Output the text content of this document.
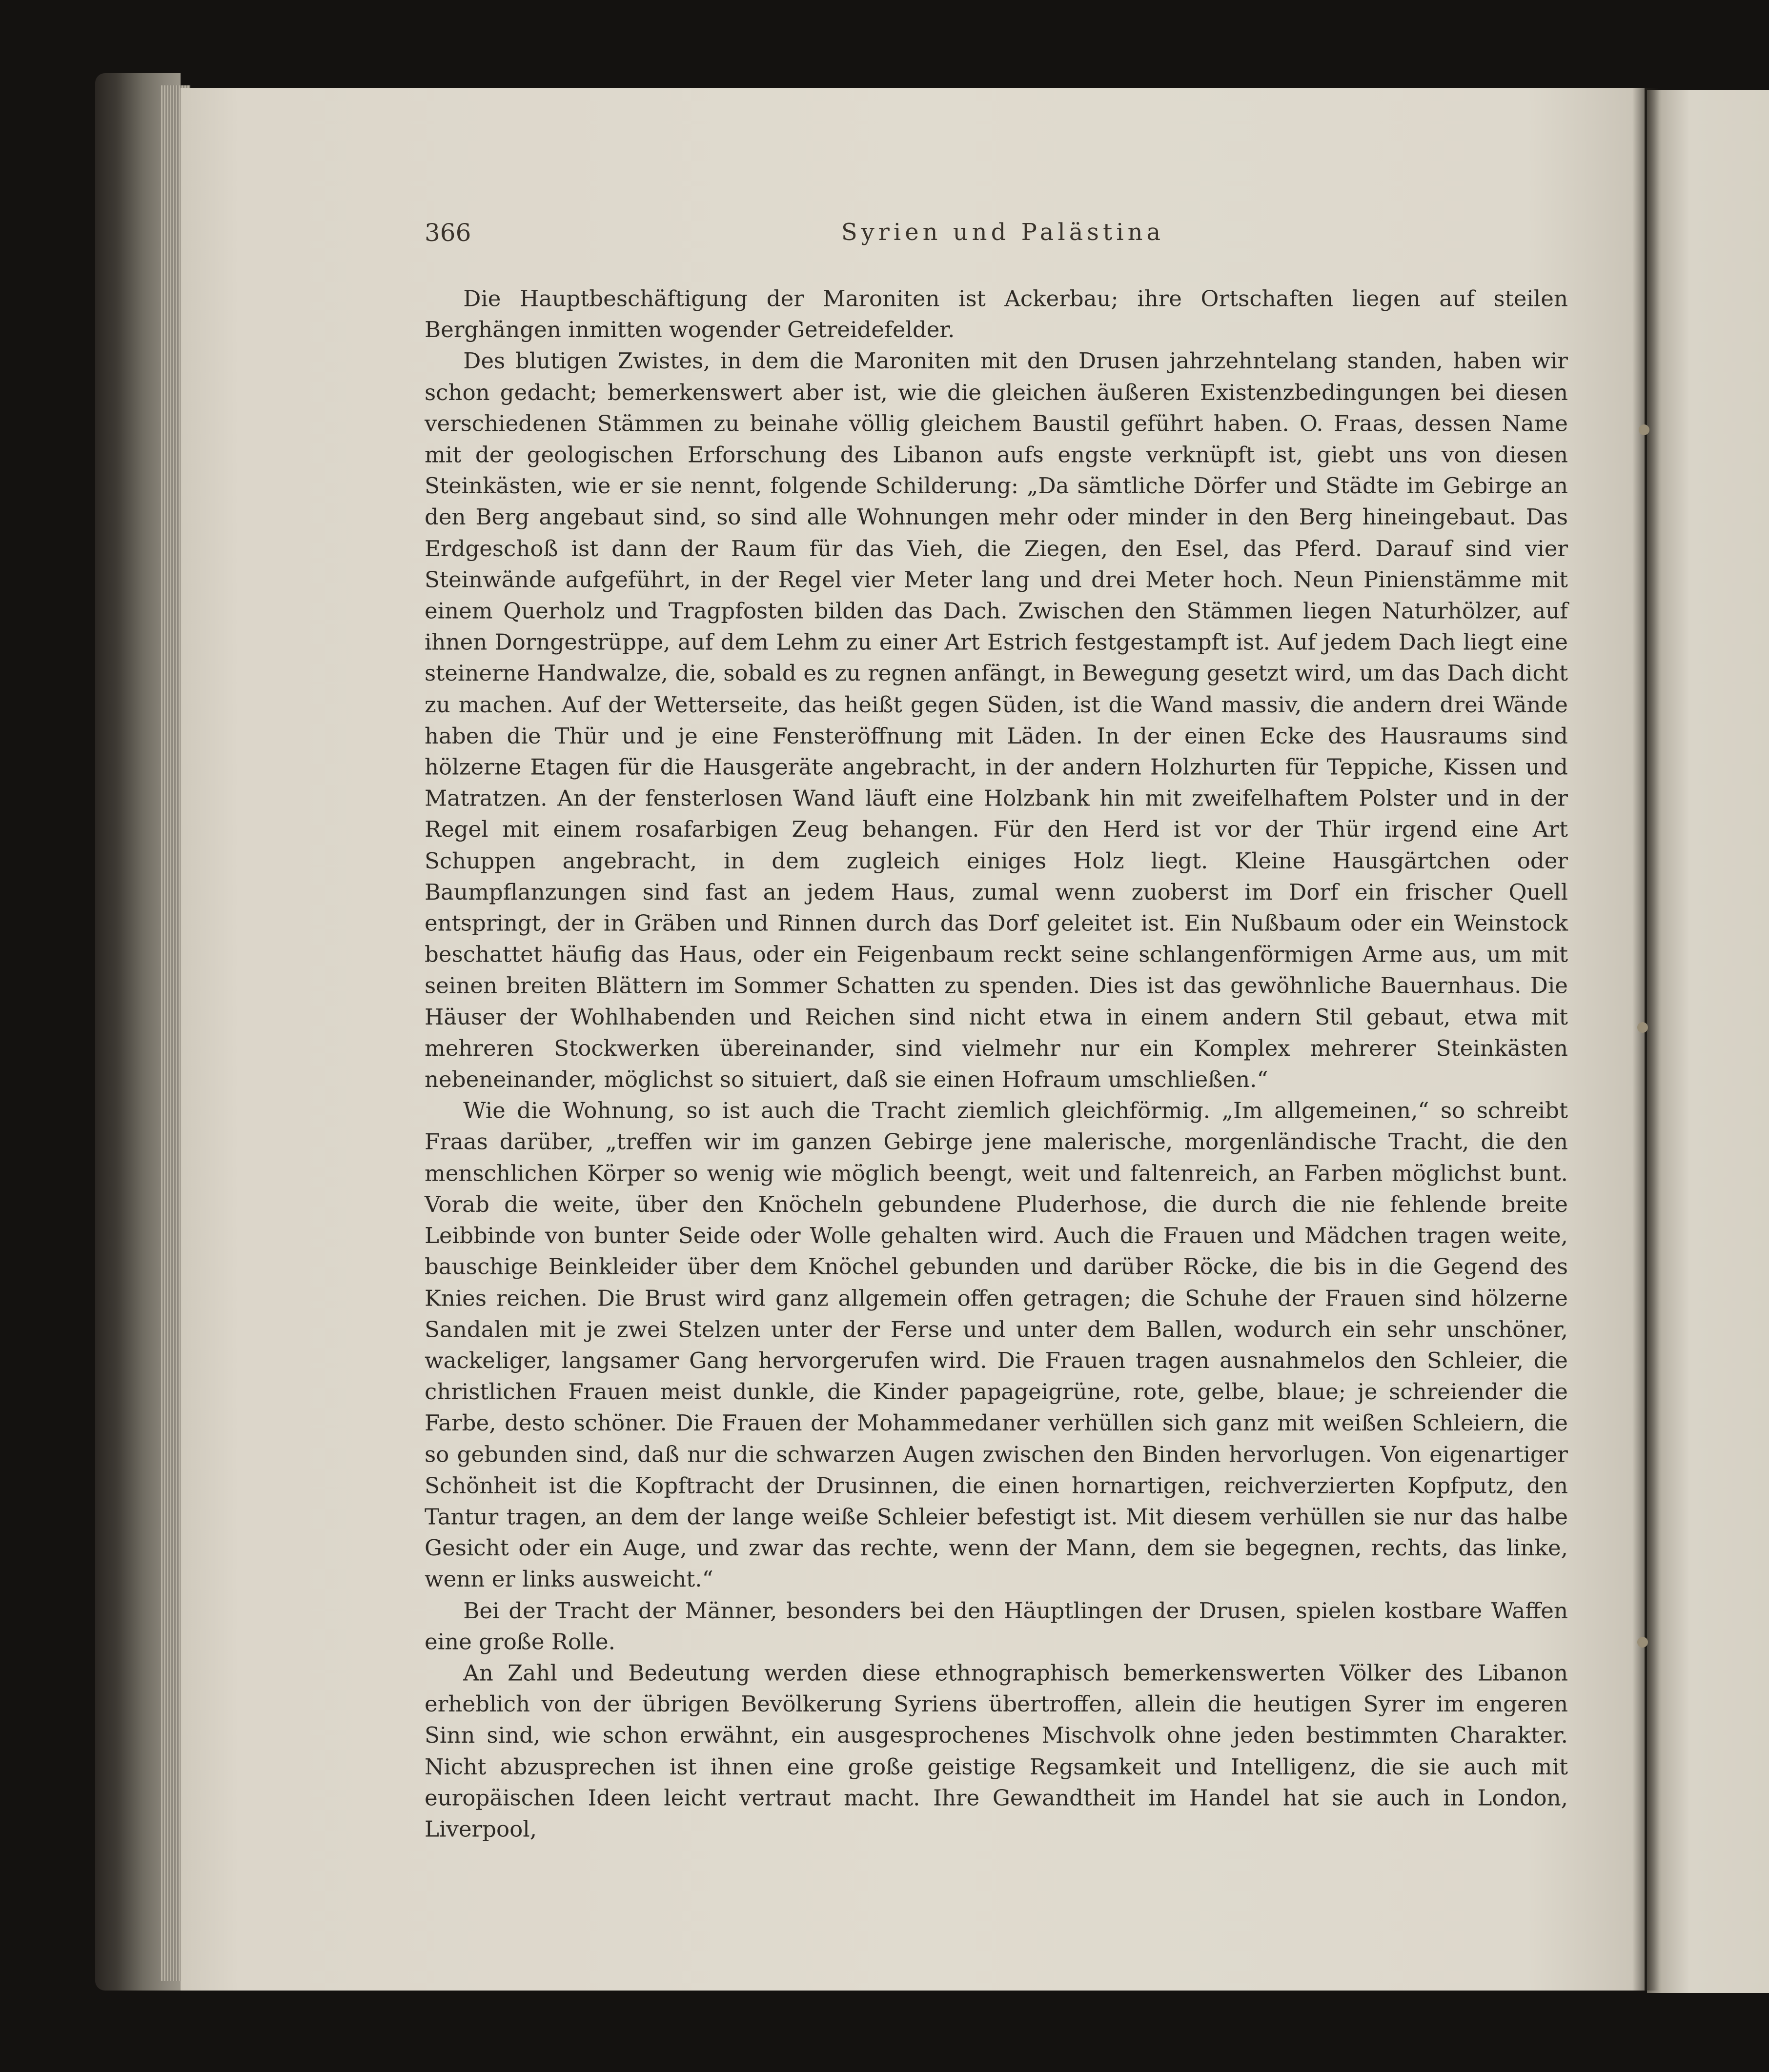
366	Syrien und Palästina

Die Hauptbeschäftigung der Maroniten ist Ackerbau; ihre Ortschaften liegen auf steilen Berghängen inmitten wogender Getreidefelder.

Des blutigen Zwistes, in dem die Maroniten mit den Drusen jahrzehntelang standen, haben wir schon gedacht; bemerkenswert aber ist, wie die gleichen äußeren Existenzbedingungen bei diesen verschiedenen Stämmen zu beinahe völlig gleichem Baustil geführt haben. O. Fraas, dessen Name mit der geologischen Erforschung des Libanon aufs engste verknüpft ist, giebt uns von diesen Steinkästen, wie er sie nennt, folgende Schilderung: „Da sämtliche Dörfer und Städte im Gebirge an den Berg angebaut sind, so sind alle Wohnungen mehr oder minder in den Berg hineingebaut. Das Erdgeschoß ist dann der Raum für das Vieh, die Ziegen, den Esel, das Pferd. Darauf sind vier Steinwände aufgeführt, in der Regel vier Meter lang und drei Meter hoch. Neun Pinienstämme mit einem Querholz und Tragpfosten bilden das Dach. Zwischen den Stämmen liegen Naturhölzer, auf ihnen Dorngestrüppe, auf dem Lehm zu einer Art Estrich festgestampft ist. Auf jedem Dach liegt eine steinerne Handwalze, die, sobald es zu regnen anfängt, in Bewegung gesetzt wird, um das Dach dicht zu machen. Auf der Wetterseite, das heißt gegen Süden, ist die Wand massiv, die andern drei Wände haben die Thür und je eine Fensteröffnung mit Läden. In der einen Ecke des Hausraums sind hölzerne Etagen für die Hausgeräte angebracht, in der andern Holzhurten für Teppiche, Kissen und Matratzen. An der fensterlosen Wand läuft eine Holzbank hin mit zweifelhaftem Polster und in der Regel mit einem rosafarbigen Zeug behangen. Für den Herd ist vor der Thür irgend eine Art Schuppen angebracht, in dem zugleich einiges Holz liegt. Kleine Hausgärtchen oder Baumpflanzungen sind fast an jedem Haus, zumal wenn zuoberst im Dorf ein frischer Quell entspringt, der in Gräben und Rinnen durch das Dorf geleitet ist. Ein Nußbaum oder ein Weinstock beschattet häufig das Haus, oder ein Feigenbaum reckt seine schlangenförmigen Arme aus, um mit seinen breiten Blättern im Sommer Schatten zu spenden. Dies ist das gewöhnliche Bauernhaus. Die Häuser der Wohlhabenden und Reichen sind nicht etwa in einem andern Stil gebaut, etwa mit mehreren Stockwerken übereinander, sind vielmehr nur ein Komplex mehrerer Steinkästen nebeneinander, möglichst so situiert, daß sie einen Hofraum umschließen.“

Wie die Wohnung, so ist auch die Tracht ziemlich gleichförmig. „Im allgemeinen,“ so schreibt Fraas darüber, „treffen wir im ganzen Gebirge jene malerische, morgenländische Tracht, die den menschlichen Körper so wenig wie möglich beengt, weit und faltenreich, an Farben möglichst bunt. Vorab die weite, über den Knöcheln gebundene Pluderhose, die durch die nie fehlende breite Leibbinde von bunter Seide oder Wolle gehalten wird. Auch die Frauen und Mädchen tragen weite, bauschige Beinkleider über dem Knöchel gebunden und darüber Röcke, die bis in die Gegend des Knies reichen. Die Brust wird ganz allgemein offen getragen; die Schuhe der Frauen sind hölzerne Sandalen mit je zwei Stelzen unter der Ferse und unter dem Ballen, wodurch ein sehr unschöner, wackeliger, langsamer Gang hervorgerufen wird. Die Frauen tragen ausnahmelos den Schleier, die christlichen Frauen meist dunkle, die Kinder papageigrüne, rote, gelbe, blaue; je schreiender die Farbe, desto schöner. Die Frauen der Mohammedaner verhüllen sich ganz mit weißen Schleiern, die so gebunden sind, daß nur die schwarzen Augen zwischen den Binden hervorlugen. Von eigenartiger Schönheit ist die Kopftracht der Drusinnen, die einen hornartigen, reichverzierten Kopfputz, den Tantur tragen, an dem der lange weiße Schleier befestigt ist. Mit diesem verhüllen sie nur das halbe Gesicht oder ein Auge, und zwar das rechte, wenn der Mann, dem sie begegnen, rechts, das linke, wenn er links ausweicht.“

Bei der Tracht der Männer, besonders bei den Häuptlingen der Drusen, spielen kostbare Waffen eine große Rolle.

An Zahl und Bedeutung werden diese ethnographisch bemerkenswerten Völker des Libanon erheblich von der übrigen Bevölkerung Syriens übertroffen, allein die heutigen Syrer im engeren Sinn sind, wie schon erwähnt, ein ausgesprochenes Mischvolk ohne jeden bestimmten Charakter. Nicht abzusprechen ist ihnen eine große geistige Regsamkeit und Intelligenz, die sie auch mit europäischen Ideen leicht vertraut macht. Ihre Gewandtheit im Handel hat sie auch in London, Liverpool,
